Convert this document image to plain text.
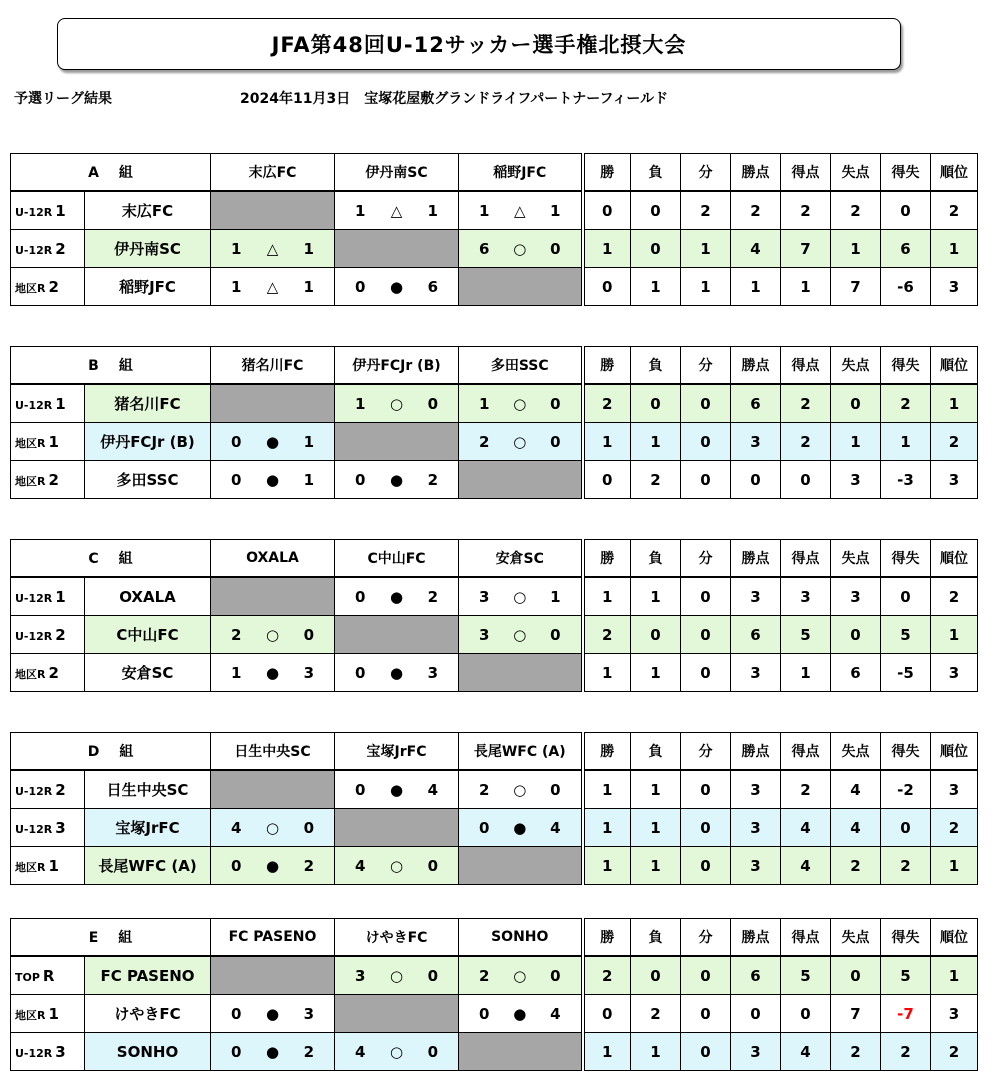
JFA第48回U-12サッカー選手権北摂大会
予選リーグ結果	2024年11月3日　宝塚花屋敷グランドライフパートナーフィールド
A 組		末広FC	伊丹南SC	稲野JFC	勝	負	分	勝点	得点	失点	得失	順位
U-12R 1	末広FC		1 △ 1	1 △ 1	0	0	2	2	2	2	0	2
U-12R 2	伊丹南SC	1 △ 1		6 ○ 0	1	0	1	4	7	1	6	1
地区R 2	稲野JFC	1 △ 1	0 ● 6		0	1	1	1	1	7	-6	3
B 組		猪名川FC	伊丹FCJr (B)	多田SSC	勝	負	分	勝点	得点	失点	得失	順位
U-12R 1	猪名川FC		1 ○ 0	1 ○ 0	2	0	0	6	2	0	2	1
地区R 1	伊丹FCJr (B)	0 ● 1		2 ○ 0	1	1	0	3	2	1	1	2
地区R 2	多田SSC	0 ● 1	0 ● 2		0	2	0	0	0	3	-3	3
C 組		OXALA	C中山FC	安倉SC	勝	負	分	勝点	得点	失点	得失	順位
U-12R 1	OXALA		0 ● 2	3 ○ 1	1	1	0	3	3	3	0	2
U-12R 2	C中山FC	2 ○ 0		3 ○ 0	2	0	0	6	5	0	5	1
地区R 2	安倉SC	1 ● 3	0 ● 3		1	1	0	3	1	6	-5	3
D 組		日生中央SC	宝塚JrFC	長尾WFC (A)	勝	負	分	勝点	得点	失点	得失	順位
U-12R 2	日生中央SC		0 ● 4	2 ○ 0	1	1	0	3	2	4	-2	3
U-12R 3	宝塚JrFC	4 ○ 0		0 ● 4	1	1	0	3	4	4	0	2
地区R 1	長尾WFC (A)	0 ● 2	4 ○ 0		1	1	0	3	4	2	2	1
E 組		FC PASENO	けやきFC	SONHO	勝	負	分	勝点	得点	失点	得失	順位
TOP R	FC PASENO		3 ○ 0	2 ○ 0	2	0	0	6	5	0	5	1
地区R 1	けやきFC	0 ● 3		0 ● 4	0	2	0	0	0	7	-7	3
U-12R 3	SONHO	0 ● 2	4 ○ 0		1	1	0	3	4	2	2	2
